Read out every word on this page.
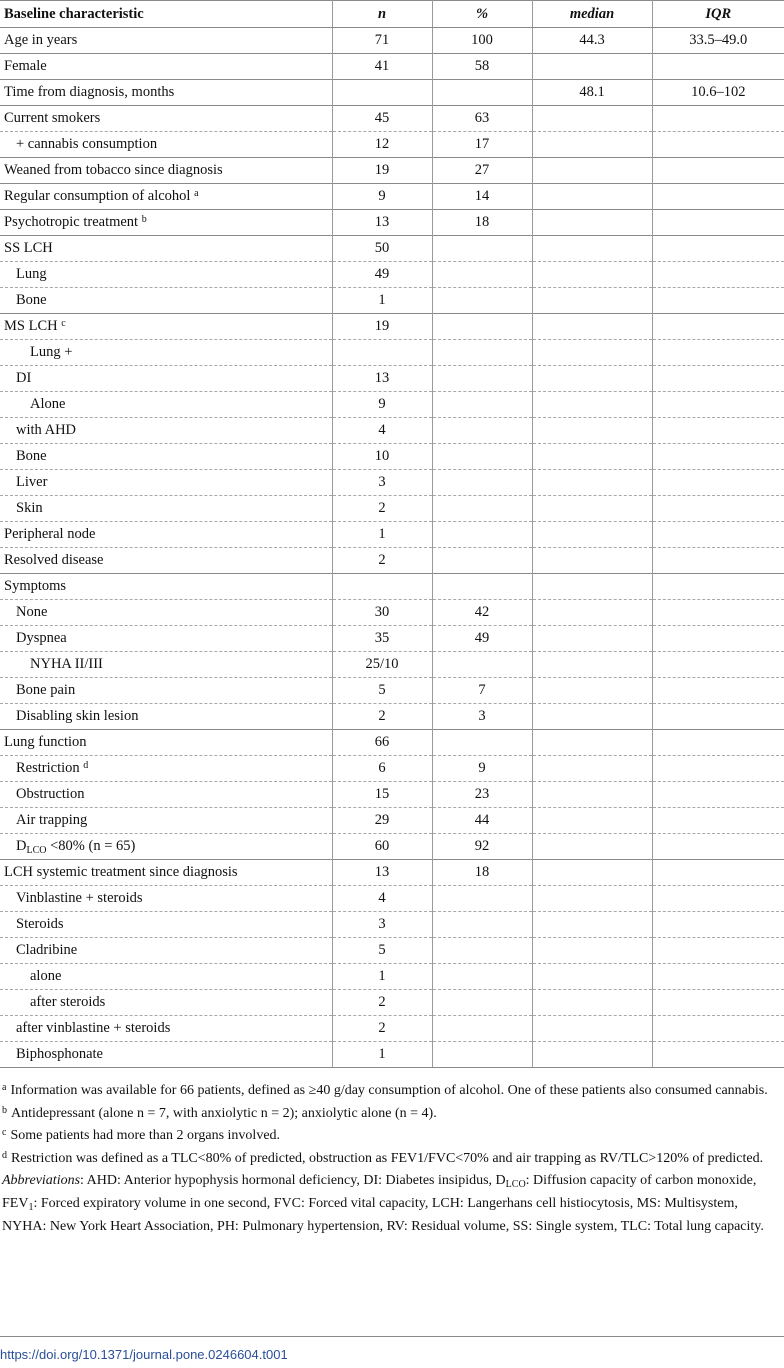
Baseline characteristic	n	%	median	IQR
Age in years	71	100	44.3	33.5–49.0
Female	41	58		
Time from diagnosis, months			48.1	10.6–102
Current smokers	45	63		
+ cannabis consumption	12	17		
Weaned from tobacco since diagnosis	19	27		
Regular consumption of alcohol $^a$	9	14		
Psychotropic treatment $^b$	13	18		
SS LCH	50			
Lung	49			
Bone	1			
MS LCH $^c$	19			
Lung +				
DI	13			
Alone	9			
with AHD	4			
Bone	10			
Liver	3			
Skin	2			
Peripheral node	1			
Resolved disease	2			
Symptoms				
None	30	42		
Dyspnea	35	49		
NYHA II/III	25/10			
Bone pain	5	7		
Disabling skin lesion	2	3		
Lung function	66			
Restriction $^d$	6	9		
Obstruction	15	23		
Air trapping	29	44		
$D_{LCO} <80\%$ (n = 65)	60	92		
LCH systemic treatment since diagnosis	13	18		
Vinblastine + steroids	4			
Steroids	3			
Cladribine	5			
alone	1			
after steroids	2			
after vinblastine + steroids	2			
Biphosphonate	1			

$^a$ Information was available for 66 patients, defined as ≥40 g/day consumption of alcohol. One of these patients also consumed cannabis.

$^b$ Antidepressant (alone n = 7, with anxiolytic n = 2); anxiolytic alone (n = 4).

$^c$ Some patients had more than 2 organs involved.

$^d$ Restriction was defined as a TLC<80% of predicted, obstruction as FEV1/FVC<70% and air trapping as RV/TLC>120% of predicted.

Abbreviations: AHD: Anterior hypophysis hormonal deficiency, DI: Diabetes insipidus, $D_{LCO}$: Diffusion capacity of carbon monoxide, $FEV_1$: Forced expiratory volume in one second, FVC: Forced vital capacity, LCH: Langerhans cell histiocytosis, MS: Multisystem, NYHA: New York Heart Association, PH: Pulmonary hypertension, RV: Residual volume, SS: Single system, TLC: Total lung capacity.

https://doi.org/10.1371/journal.pone.0246604.t001
